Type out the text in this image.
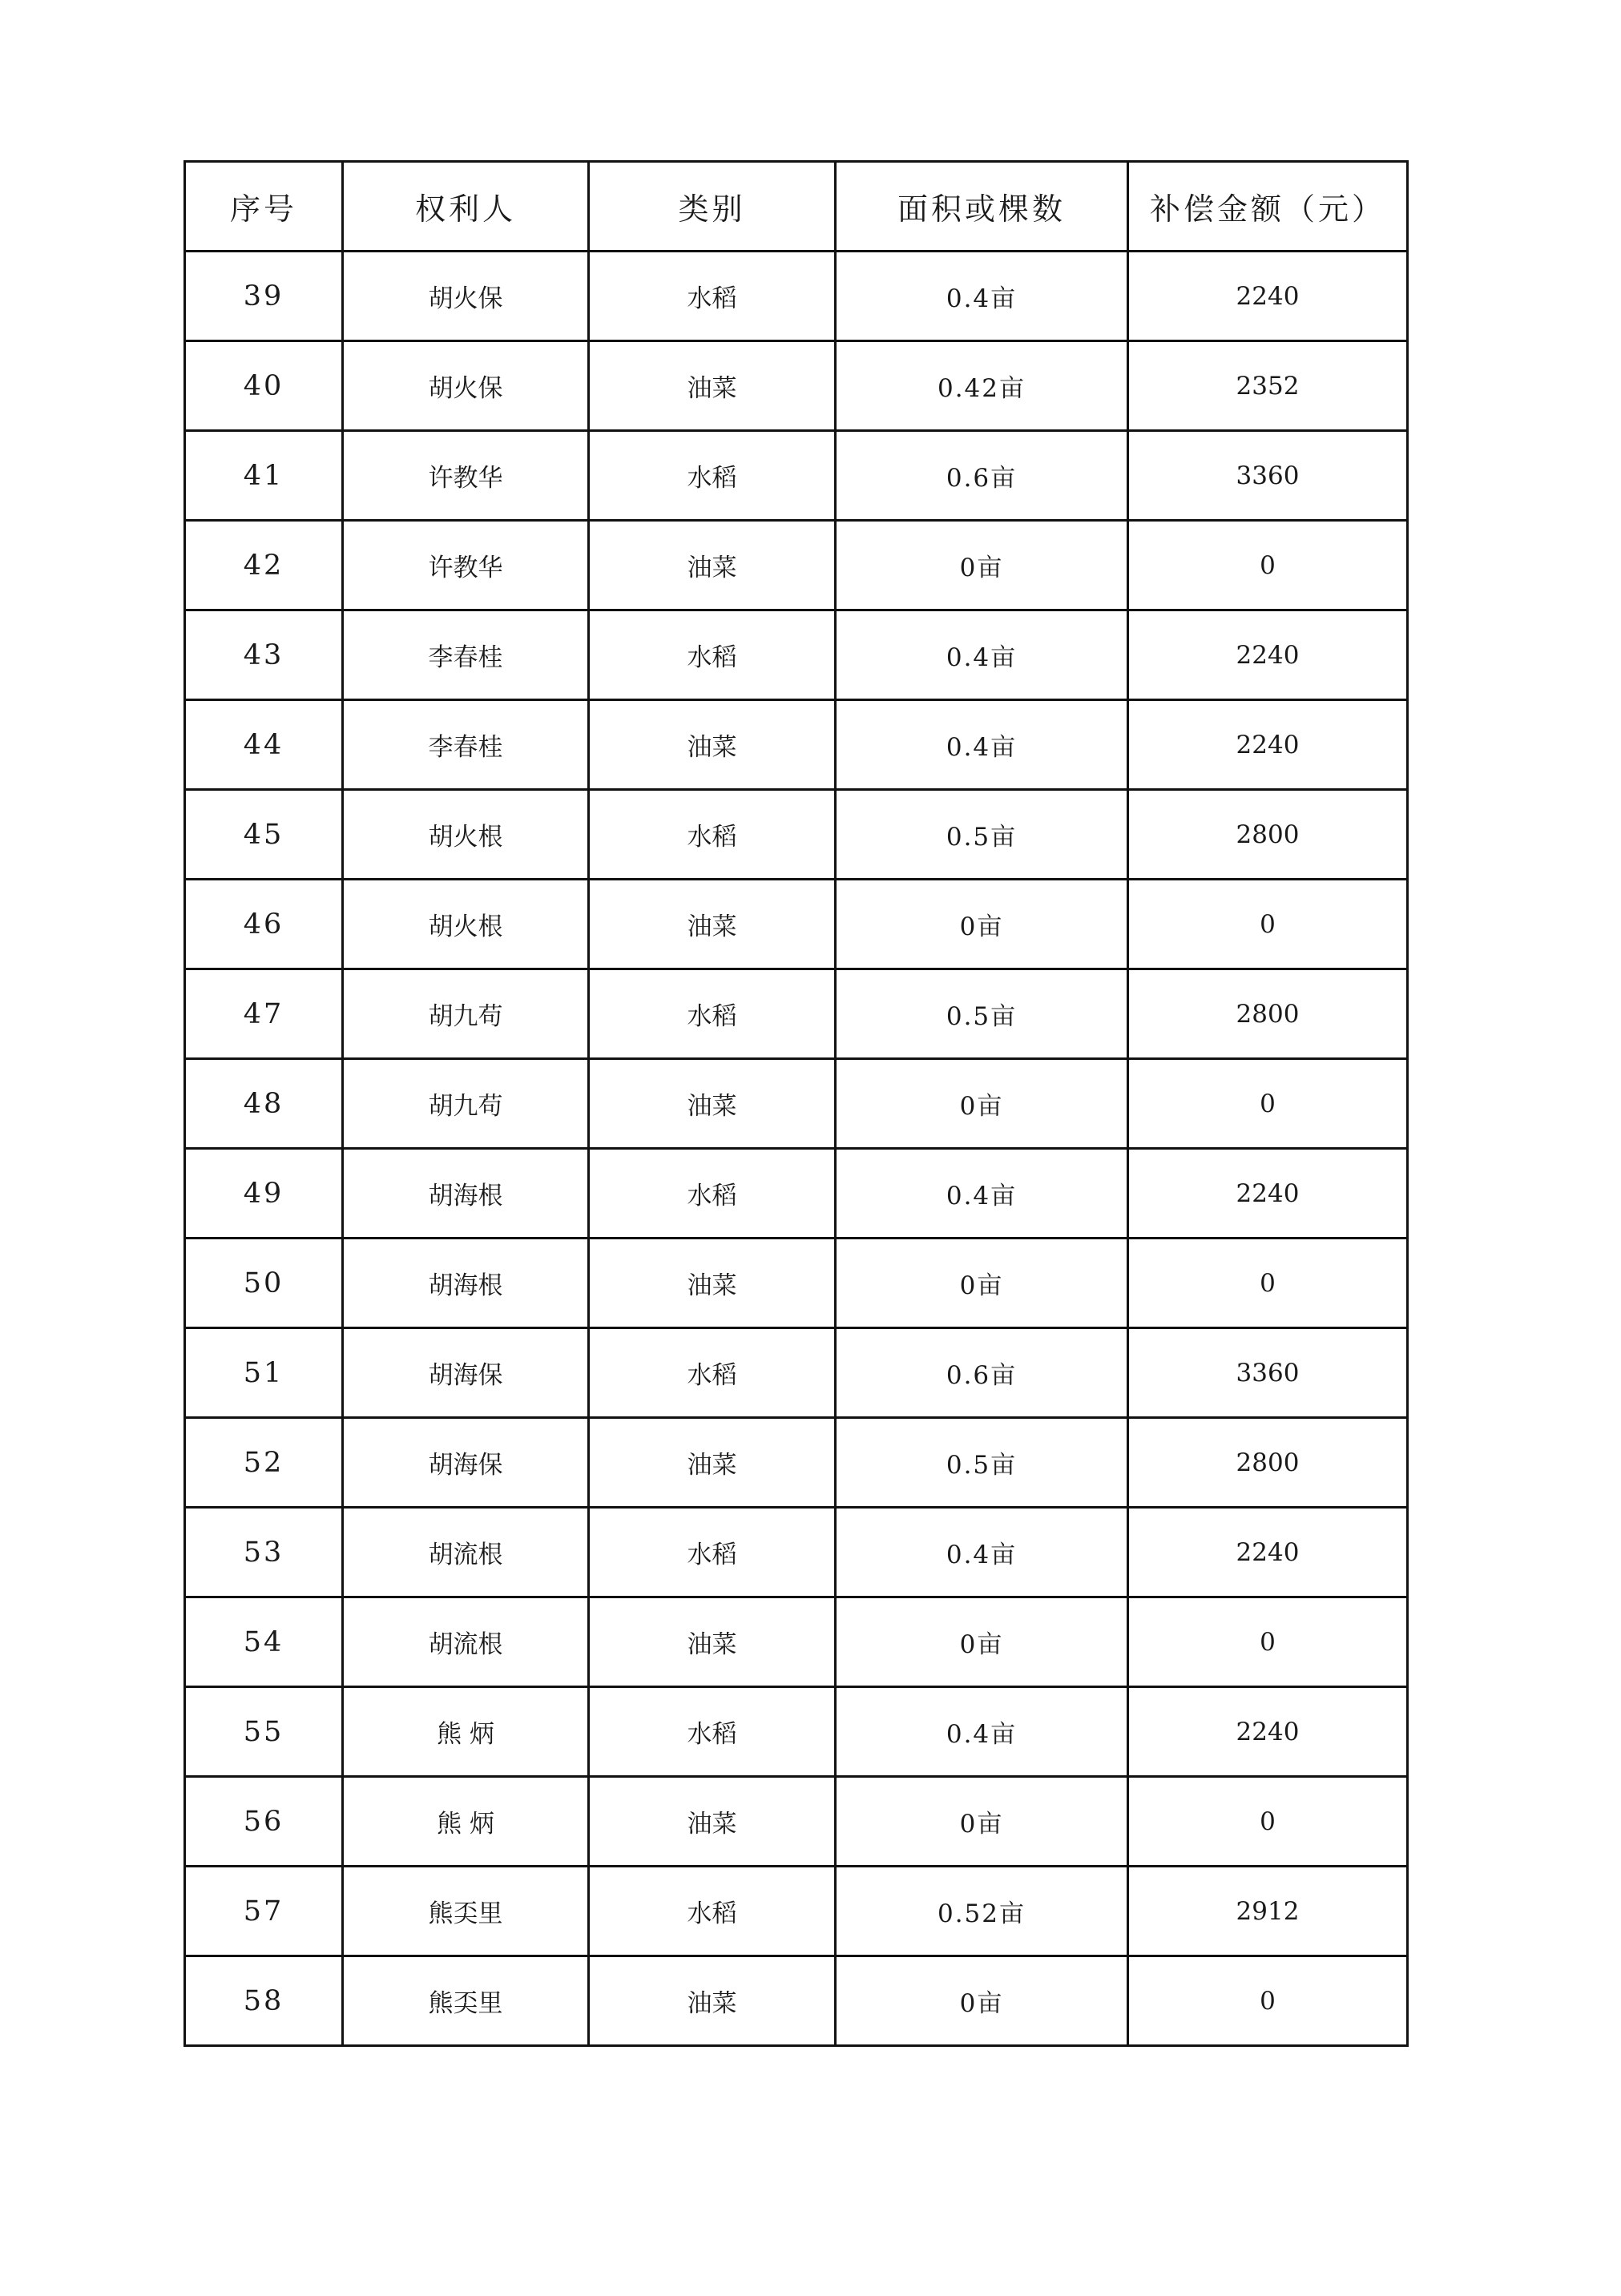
序号	权利人	类别	面积或棵数	补偿金额（元）
39	胡火保	水稻	0.4亩	2240
40	胡火保	油菜	0.42亩	2352
41	许教华	水稻	0.6亩	3360
42	许教华	油菜	0亩	0
43	李春桂	水稻	0.4亩	2240
44	李春桂	油菜	0.4亩	2240
45	胡火根	水稻	0.5亩	2800
46	胡火根	油菜	0亩	0
47	胡九苟	水稻	0.5亩	2800
48	胡九苟	油菜	0亩	0
49	胡海根	水稻	0.4亩	2240
50	胡海根	油菜	0亩	0
51	胡海保	水稻	0.6亩	3360
52	胡海保	油菜	0.5亩	2800
53	胡流根	水稻	0.4亩	2240
54	胡流根	油菜	0亩	0
55	熊 炳	水稻	0.4亩	2240
56	熊 炳	油菜	0亩	0
57	熊奀里	水稻	0.52亩	2912
58	熊奀里	油菜	0亩	0
